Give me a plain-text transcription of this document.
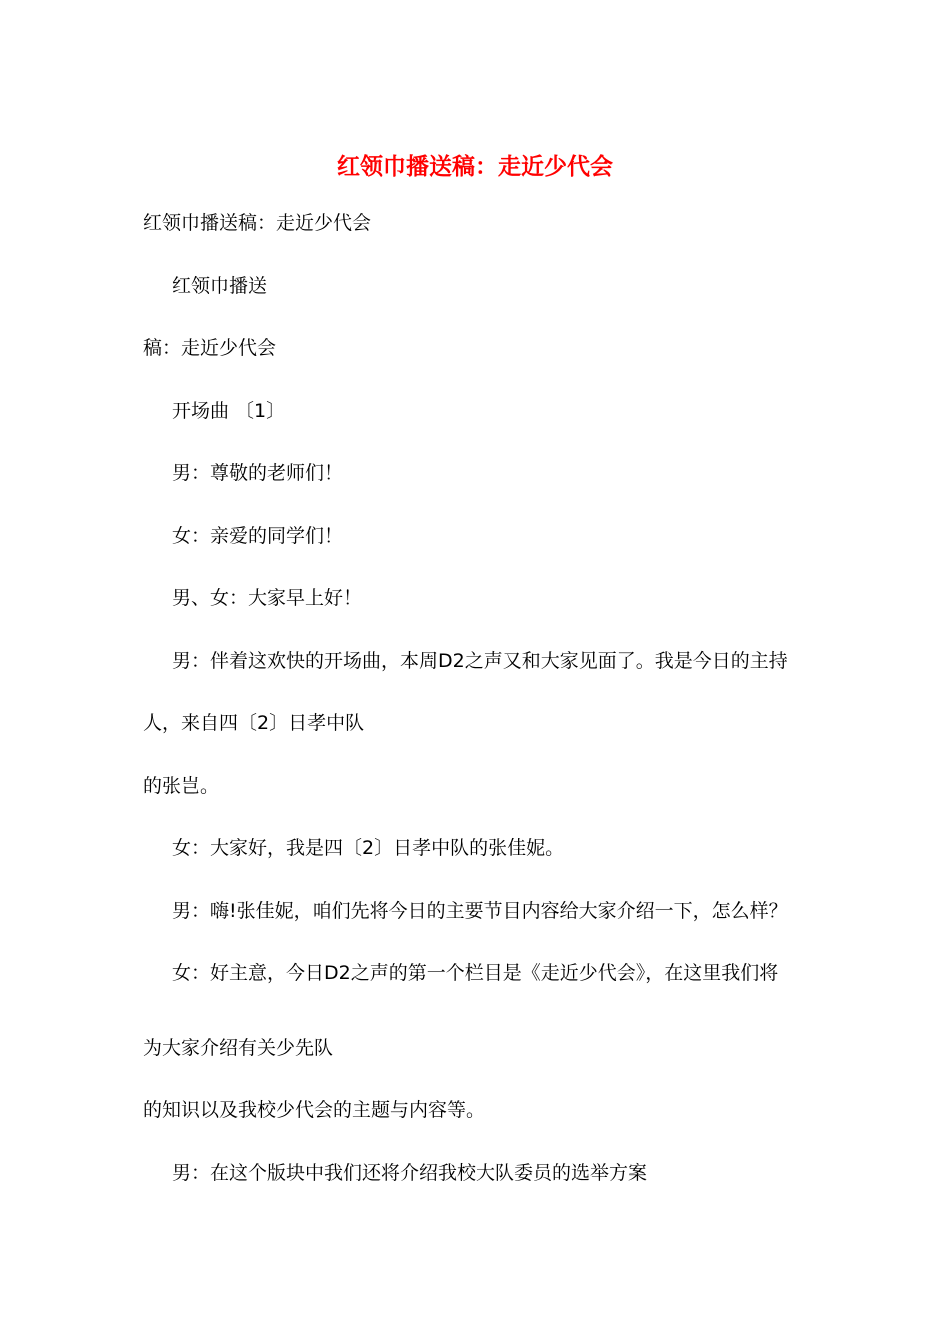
红领巾播送稿：走近少代会

红领巾播送稿：走近少代会

红领巾播送

稿：走近少代会

开场曲 〔1〕

男：尊敬的老师们！

女：亲爱的同学们！

男、女：大家早上好！

男：伴着这欢快的开场曲，本周D2之声又和大家见面了。我是今日的主持

人，来自四〔2〕日孝中队

的张岂。

女：大家好，我是四〔2〕日孝中队的张佳妮。

男：嗨!张佳妮，咱们先将今日的主要节目内容给大家介绍一下，怎么样？

女：好主意，今日D2之声的第一个栏目是《走近少代会》，在这里我们将

为大家介绍有关少先队

的知识以及我校少代会的主题与内容等。

男：在这个版块中我们还将介绍我校大队委员的选举方案
